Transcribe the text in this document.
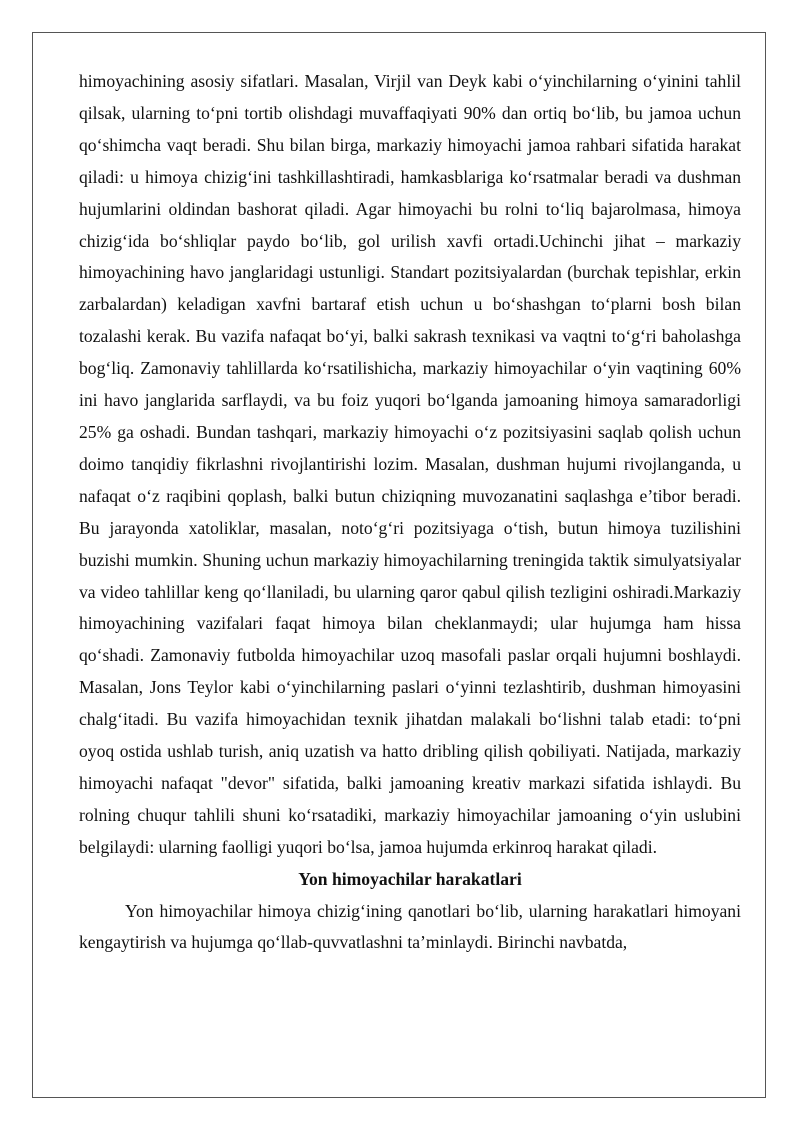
himoyachining asosiy sifatlari. Masalan, Virjil van Deyk kabi o‘yinchilarning o‘yinini tahlil qilsak, ularning to‘pni tortib olishdagi muvaffaqiyati 90% dan ortiq bo‘lib, bu jamoa uchun qo‘shimcha vaqt beradi. Shu bilan birga, markaziy himoyachi jamoa rahbari sifatida harakat qiladi: u himoya chizig‘ini tashkillashtiradi, hamkasblariga ko‘rsatmalar beradi va dushman hujumlarini oldindan bashorat qiladi. Agar himoyachi bu rolni to‘liq bajarolmasa, himoya chizig‘ida bo‘shliqlar paydo bo‘lib, gol urilish xavfi ortadi.Uchinchi jihat – markaziy himoyachining havo janglaridagi ustunligi. Standart pozitsiyalardan (burchak tepishlar, erkin zarbalardan) keladigan xavfni bartaraf etish uchun u bo‘shashgan to‘plarni bosh bilan tozalashi kerak. Bu vazifa nafaqat bo‘yi, balki sakrash texnikasi va vaqtni to‘g‘ri baholashga bog‘liq. Zamonaviy tahlillarda ko‘rsatilishicha, markaziy himoyachilar o‘yin vaqtining 60% ini havo janglarida sarflaydi, va bu foiz yuqori bo‘lganda jamoaning himoya samaradorligi 25% ga oshadi. Bundan tashqari, markaziy himoyachi o‘z pozitsiyasini saqlab qolish uchun doimo tanqidiy fikrlashni rivojlantirishi lozim. Masalan, dushman hujumi rivojlanganda, u nafaqat o‘z raqibini qoplash, balki butun chiziqning muvozanatini saqlashga e’tibor beradi. Bu jarayonda xatoliklar, masalan, noto‘g‘ri pozitsiyaga o‘tish, butun himoya tuzilishini buzishi mumkin. Shuning uchun markaziy himoyachilarning treningida taktik simulyatsiyalar va video tahlillar keng qo‘llaniladi, bu ularning qaror qabul qilish tezligini oshiradi.Markaziy himoyachining vazifalari faqat himoya bilan cheklanmaydi; ular hujumga ham hissa qo‘shadi. Zamonaviy futbolda himoyachilar uzoq masofali paslar orqali hujumni boshlaydi. Masalan, Jons Teylor kabi o‘yinchilarning paslari o‘yinni tezlashtirib, dushman himoyasini chalg‘itadi. Bu vazifa himoyachidan texnik jihatdan malakali bo‘lishni talab etadi: to‘pni oyoq ostida ushlab turish, aniq uzatish va hatto dribling qilish qobiliyati. Natijada, markaziy himoyachi nafaqat "devor" sifatida, balki jamoaning kreativ markazi sifatida ishlaydi. Bu rolning chuqur tahlili shuni ko‘rsatadiki, markaziy himoyachilar jamoaning o‘yin uslubini belgilaydi: ularning faolligi yuqori bo‘lsa, jamoa hujumda erkinroq harakat qiladi.

Yon himoyachilar harakatlari

Yon himoyachilar himoya chizig‘ining qanotlari bo‘lib, ularning harakatlari himoyani kengaytirish va hujumga qo‘llab-quvvatlashni ta’minlaydi. Birinchi navbatda,
